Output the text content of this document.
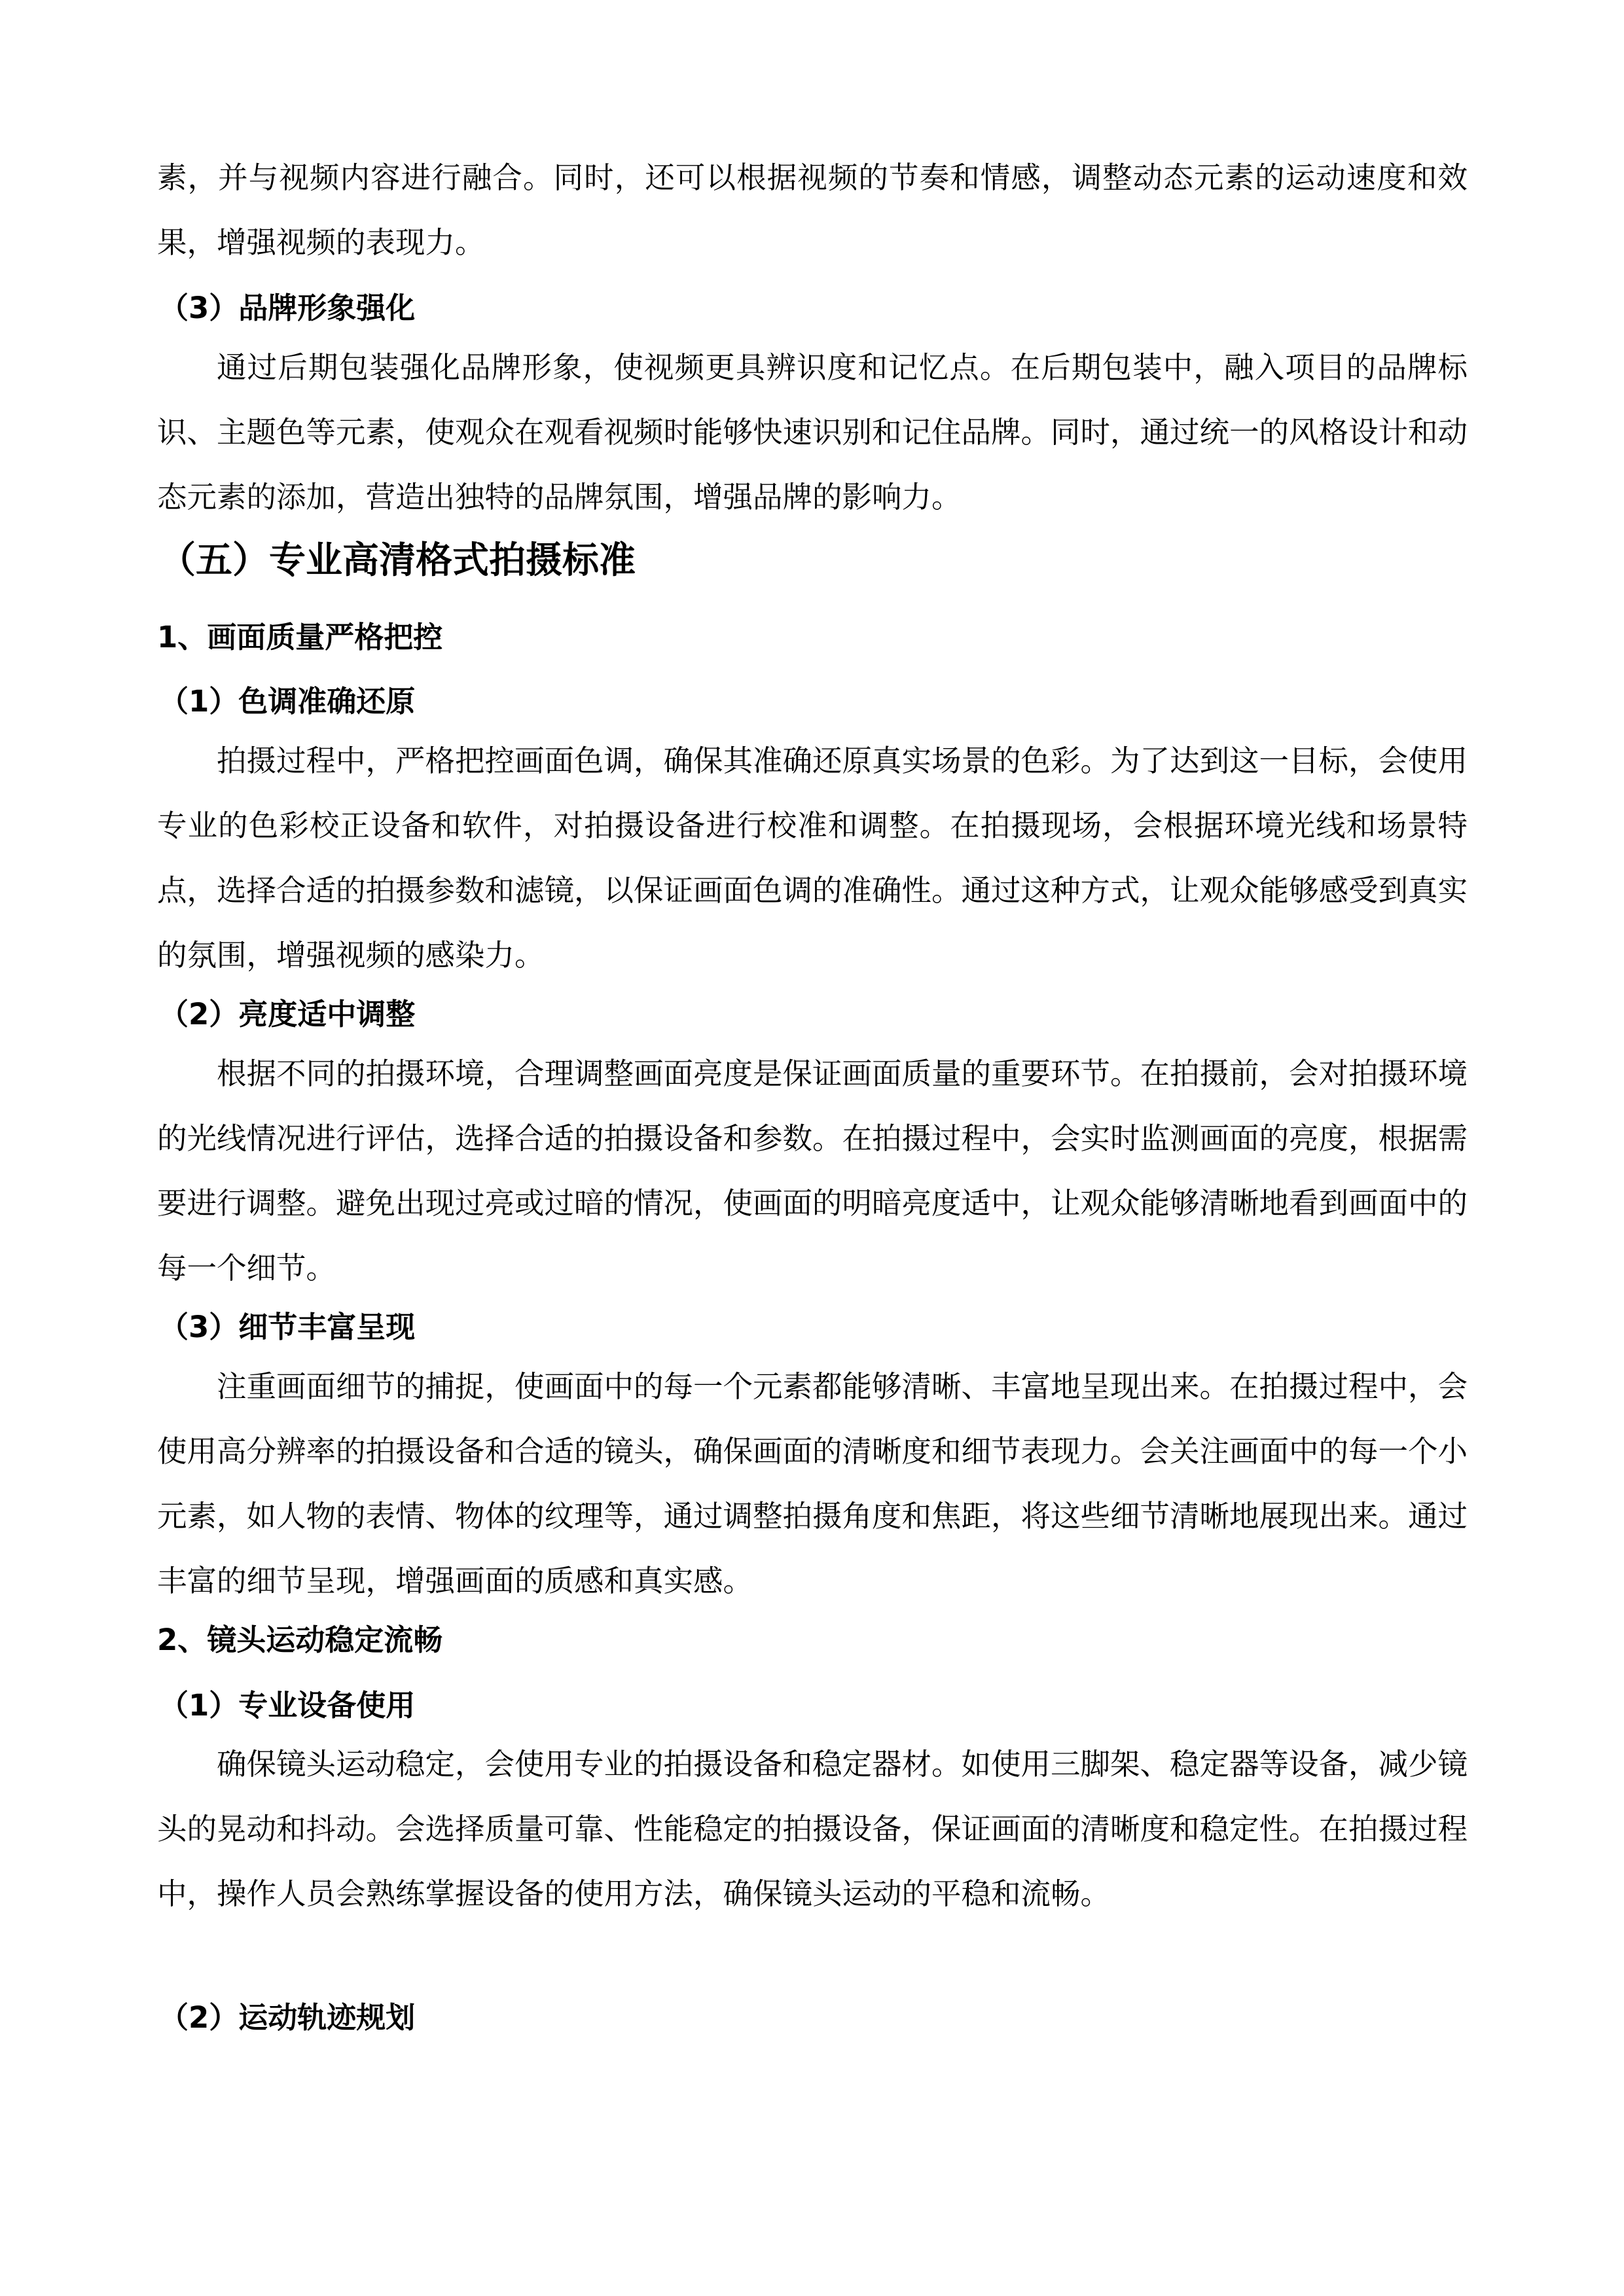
素，并与视频内容进行融合。同时，还可以根据视频的节奏和情感，调整动态元素的运动速度和效果，增强视频的表现力。

（3）品牌形象强化

通过后期包装强化品牌形象，使视频更具辨识度和记忆点。在后期包装中，融入项目的品牌标识、主题色等元素，使观众在观看视频时能够快速识别和记住品牌。同时，通过统一的风格设计和动态元素的添加，营造出独特的品牌氛围，增强品牌的影响力。

（五）专业高清格式拍摄标准
1、画面质量严格把控
（1）色调准确还原

拍摄过程中，严格把控画面色调，确保其准确还原真实场景的色彩。为了达到这一目标，会使用专业的色彩校正设备和软件，对拍摄设备进行校准和调整。在拍摄现场，会根据环境光线和场景特点，选择合适的拍摄参数和滤镜，以保证画面色调的准确性。通过这种方式，让观众能够感受到真实的氛围，增强视频的感染力。

（2）亮度适中调整

根据不同的拍摄环境，合理调整画面亮度是保证画面质量的重要环节。在拍摄前，会对拍摄环境的光线情况进行评估，选择合适的拍摄设备和参数。在拍摄过程中，会实时监测画面的亮度，根据需要进行调整。避免出现过亮或过暗的情况，使画面的明暗亮度适中，让观众能够清晰地看到画面中的每一个细节。

（3）细节丰富呈现

注重画面细节的捕捉，使画面中的每一个元素都能够清晰、丰富地呈现出来。在拍摄过程中，会使用高分辨率的拍摄设备和合适的镜头，确保画面的清晰度和细节表现力。会关注画面中的每一个小元素，如人物的表情、物体的纹理等，通过调整拍摄角度和焦距，将这些细节清晰地展现出来。通过丰富的细节呈现，增强画面的质感和真实感。

2、镜头运动稳定流畅
（1）专业设备使用

确保镜头运动稳定，会使用专业的拍摄设备和稳定器材。如使用三脚架、稳定器等设备，减少镜头的晃动和抖动。会选择质量可靠、性能稳定的拍摄设备，保证画面的清晰度和稳定性。在拍摄过程中，操作人员会熟练掌握设备的使用方法，确保镜头运动的平稳和流畅。

（2）运动轨迹规划
